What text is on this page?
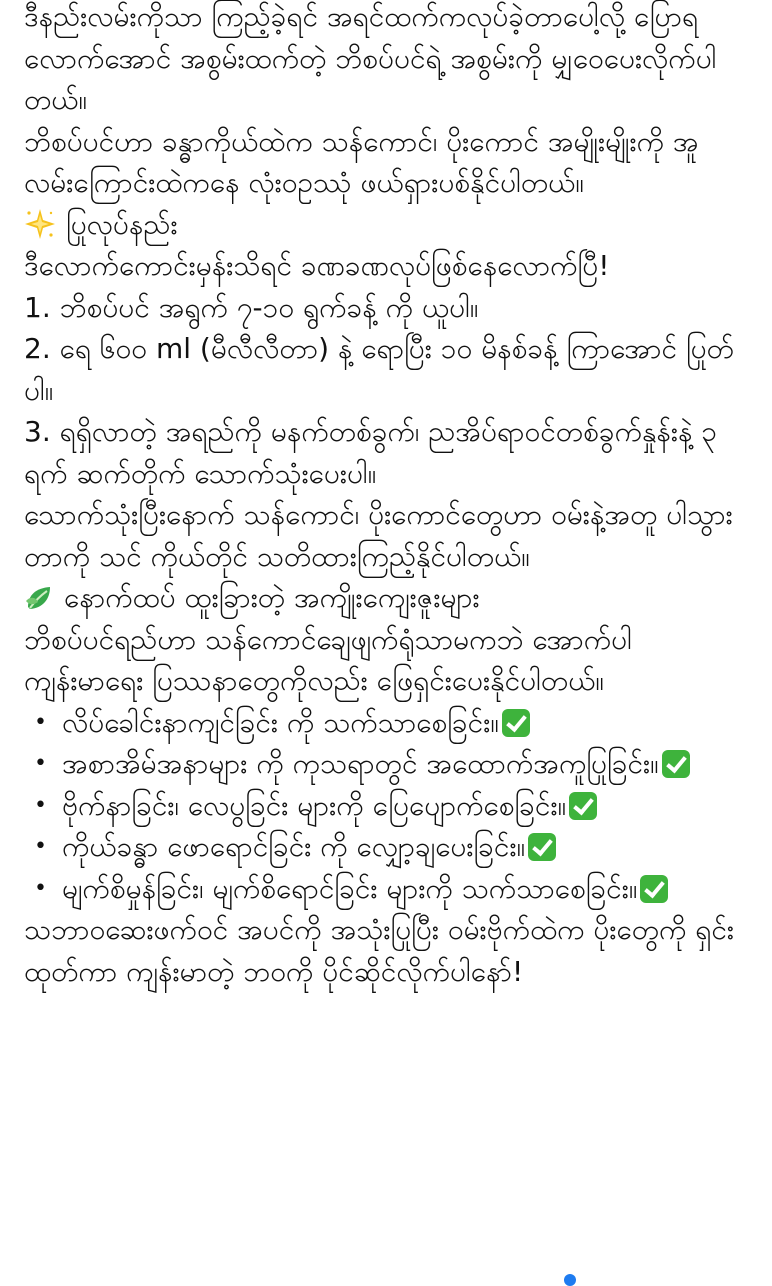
ဒီနည်းလမ်းကိုသာ ကြည့်ခဲ့ရင် အရင်ထက်ကလုပ်ခဲ့တာပေါ့လို့ ပြောရလောက်အောင် အစွမ်းထက်တဲ့ ဘိစပ်ပင်ရဲ့ အစွမ်းကို မျှဝေပေးလိုက်ပါတယ်။
ဘိစပ်ပင်ဟာ ခန္ဓာကိုယ်ထဲက သန်ကောင်၊ ပိုးကောင် အမျိုးမျိုးကို အူလမ်းကြောင်းထဲကနေ လုံးဝဥဿုံ ဖယ်ရှားပစ်နိုင်ပါတယ်။
ပြုလုပ်နည်း
ဒီလောက်ကောင်းမှန်းသိရင် ခဏခဏလုပ်ဖြစ်နေလောက်ပြီ!
1. ဘိစပ်ပင် အရွက် ၇-၁၀ ရွက်ခန့် ကို ယူပါ။
2. ရေ ၆၀၀ ml (မီလီလီတာ) နဲ့ ရောပြီး ၁၀ မိနစ်ခန့် ကြာအောင် ပြုတ်ပါ။
3. ရရှိလာတဲ့ အရည်ကို မနက်တစ်ခွက်၊ ညအိပ်ရာဝင်တစ်ခွက်နှုန်းနဲ့ ၃ ရက် ဆက်တိုက် သောက်သုံးပေးပါ။
သောက်သုံးပြီးနောက် သန်ကောင်၊ ပိုးကောင်တွေဟာ ဝမ်းနဲ့အတူ ပါသွားတာကို သင် ကိုယ်တိုင် သတိထားကြည့်နိုင်ပါတယ်။
နောက်ထပ် ထူးခြားတဲ့ အကျိုးကျေးဇူးများ
ဘိစပ်ပင်ရည်ဟာ သန်ကောင်ချေဖျက်ရုံသာမကဘဲ အောက်ပါကျန်းမာရေး ပြဿနာတွေကိုလည်း ဖြေရှင်းပေးနိုင်ပါတယ်။
• လိပ်ခေါင်းနာကျင်ခြင်း ကို သက်သာစေခြင်း။
• အစာအိမ်အနာများ ကို ကုသရာတွင် အထောက်အကူပြုခြင်း။
• ဗိုက်နာခြင်း၊ လေပွခြင်း များကို ပြေပျောက်စေခြင်း။
• ကိုယ်ခန္ဓာ ဖောရောင်ခြင်း ကို လျှော့ချပေးခြင်း။
• မျက်စိမှုန်ခြင်း၊ မျက်စိရောင်ခြင်း များကို သက်သာစေခြင်း။
သဘာဝဆေးဖက်ဝင် အပင်ကို အသုံးပြုပြီး ဝမ်းဗိုက်ထဲက ပိုးတွေကို ရှင်းထုတ်ကာ ကျန်းမာတဲ့ ဘဝကို ပိုင်ဆိုင်လိုက်ပါနော်!
